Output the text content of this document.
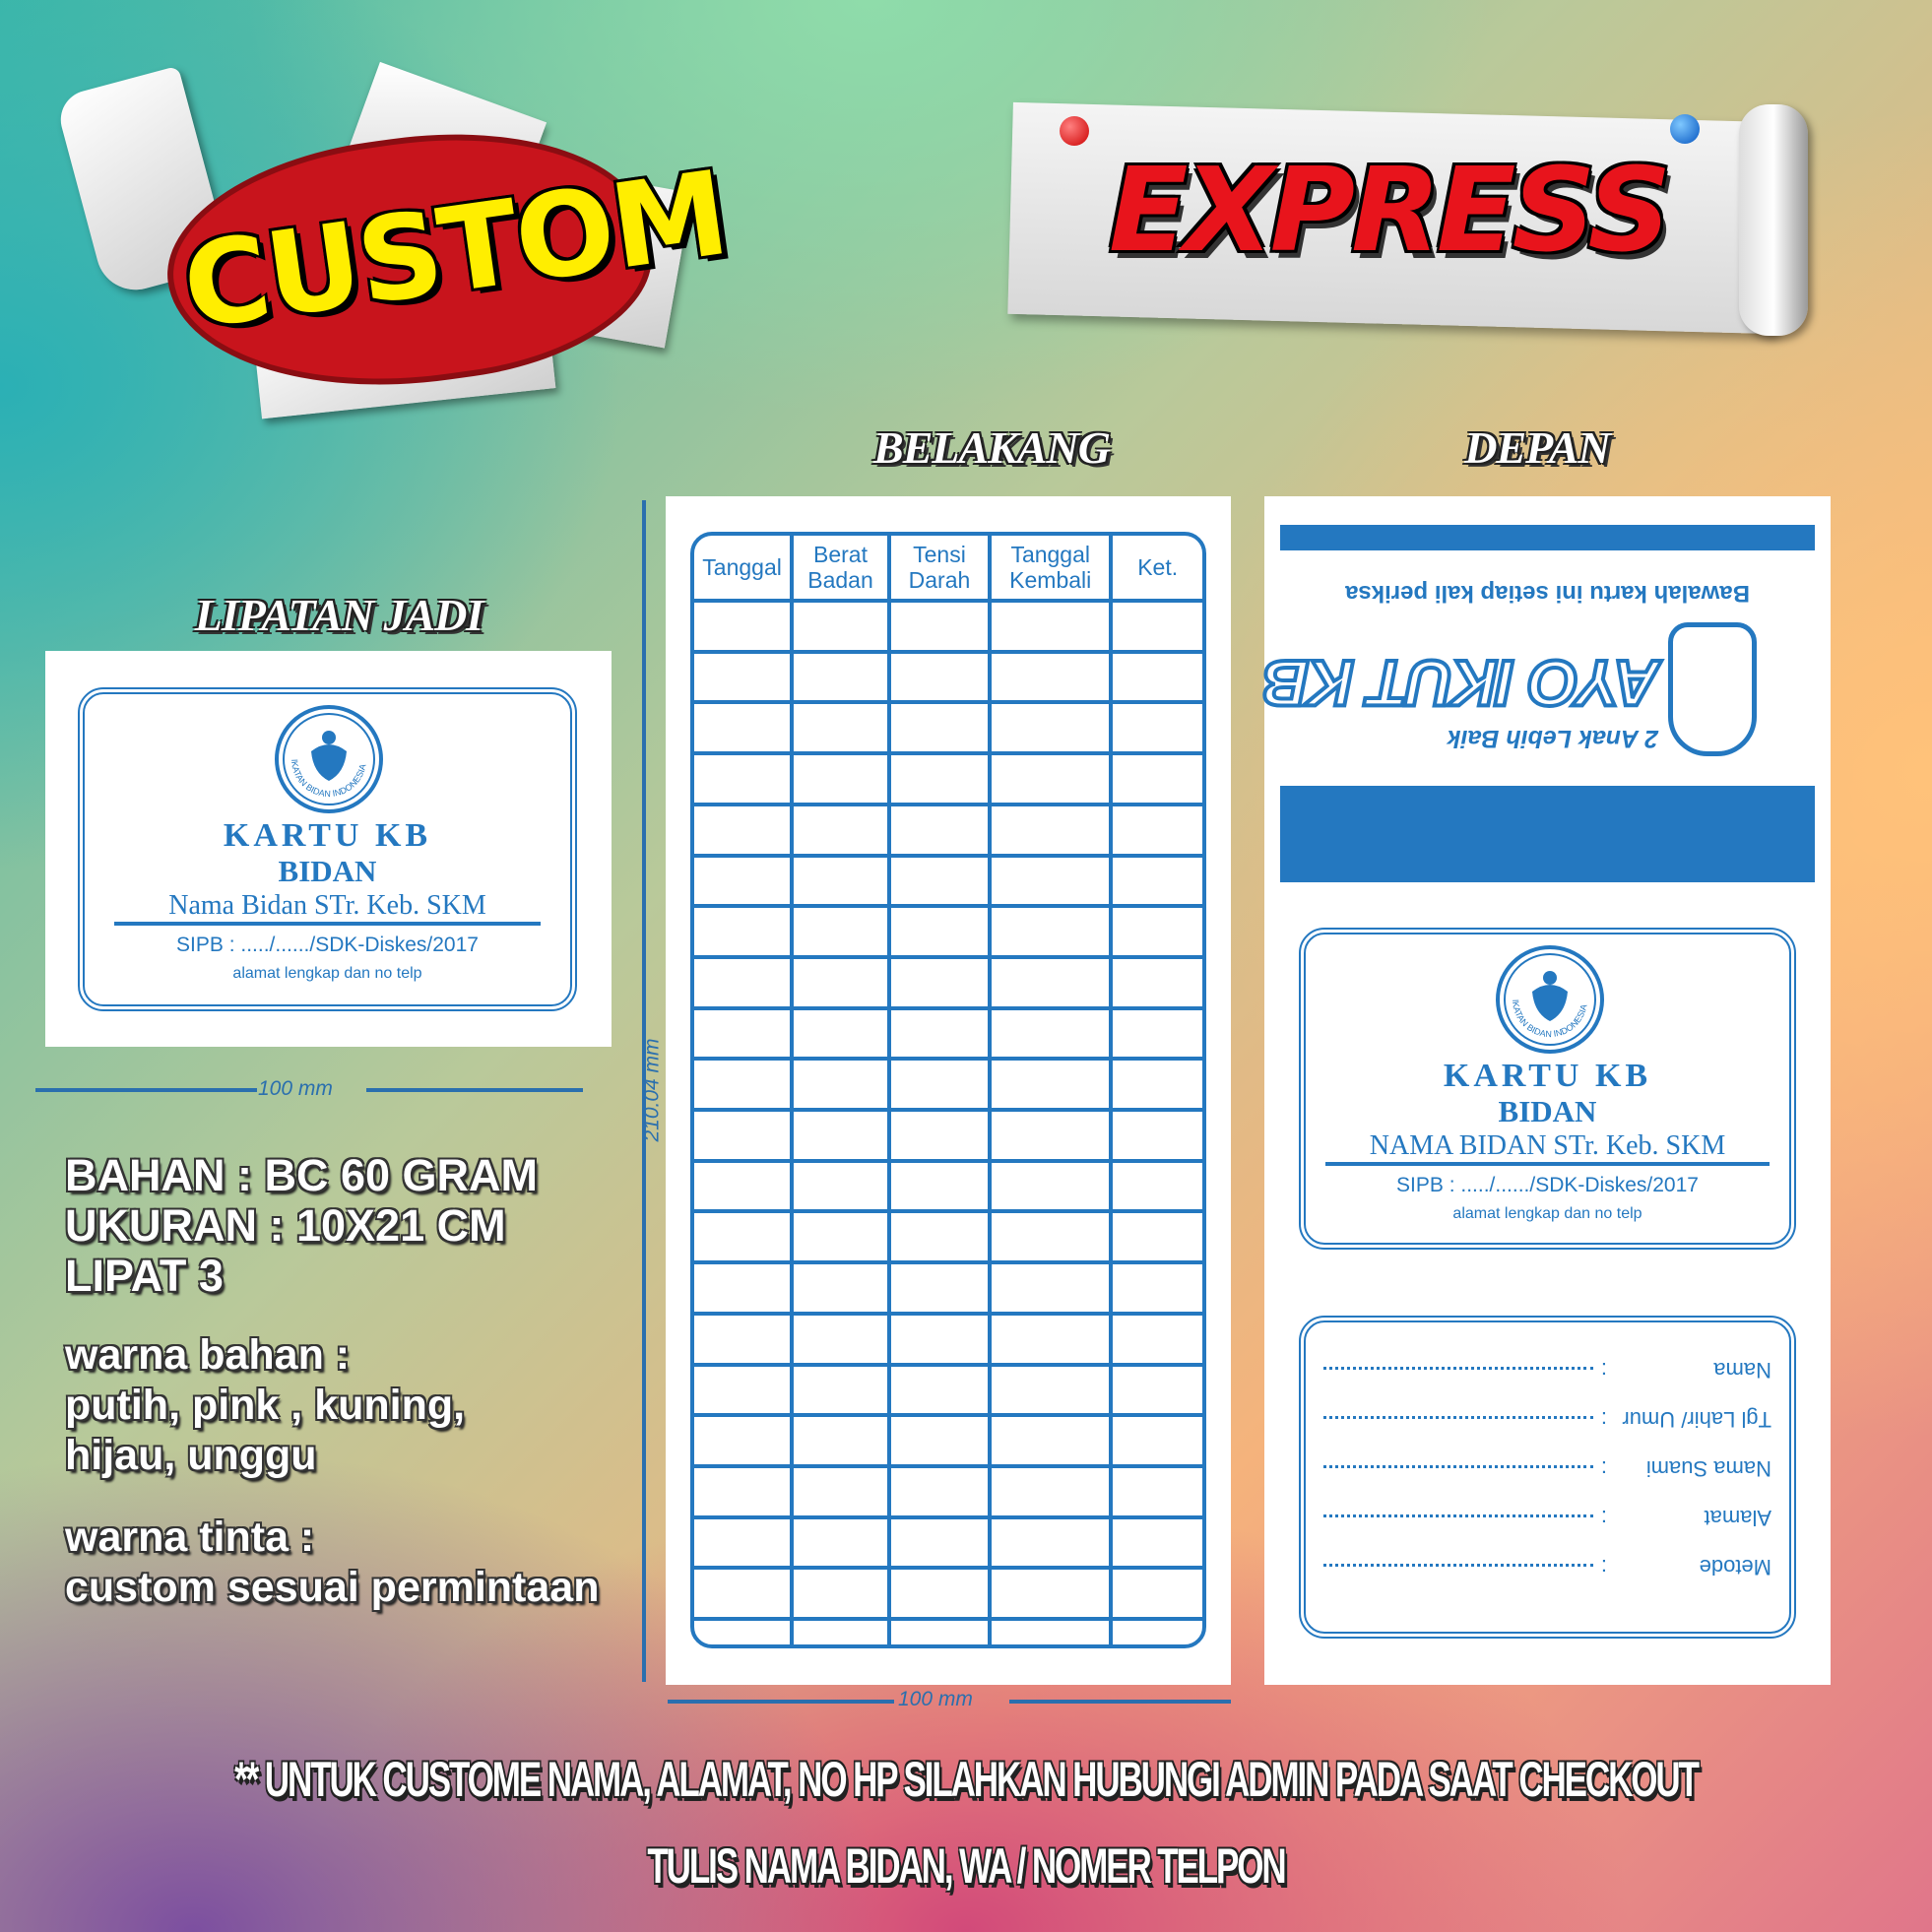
CUSTOM	EXPRESS
BELAKANG	DEPAN
LIPATAN JADI
IKATAN BIDAN INDONESIA
KARTU KB
BIDAN
Nama Bidan STr. Keb. SKM
SIPB : ...../....../SDK-Diskes/2017
alamat lengkap dan no telp
100 mm
BAHAN : BC 60 GRAM
UKURAN : 10X21 CM
LIPAT 3
warna bahan :
putih, pink , kuning,
hijau, unggu
warna tinta :
custom sesuai permintaan
Tanggal	Berat Badan	Tensi Darah	Tanggal Kembali	Ket.

210.04 mm
100 mm
Bawalah kartu ini setiap kali periksa
2 Anak Lebih Baik
AYO IKUT KB
IKATAN BIDAN INDONESIA
KARTU KB
BIDAN
NAMA BIDAN STr. Keb. SKM
SIPB : ...../....../SDK-Diskes/2017
alamat lengkap dan no telp
Metode
:
Alamat
:
Nama Suami
:
Tgl Lahir/ Umur
:
Nama
:
** UNTUK CUSTOME NAMA, ALAMAT, NO HP SILAHKAN HUBUNGI ADMIN PADA SAAT CHECKOUT
TULIS NAMA BIDAN, WA / NOMER TELPON
